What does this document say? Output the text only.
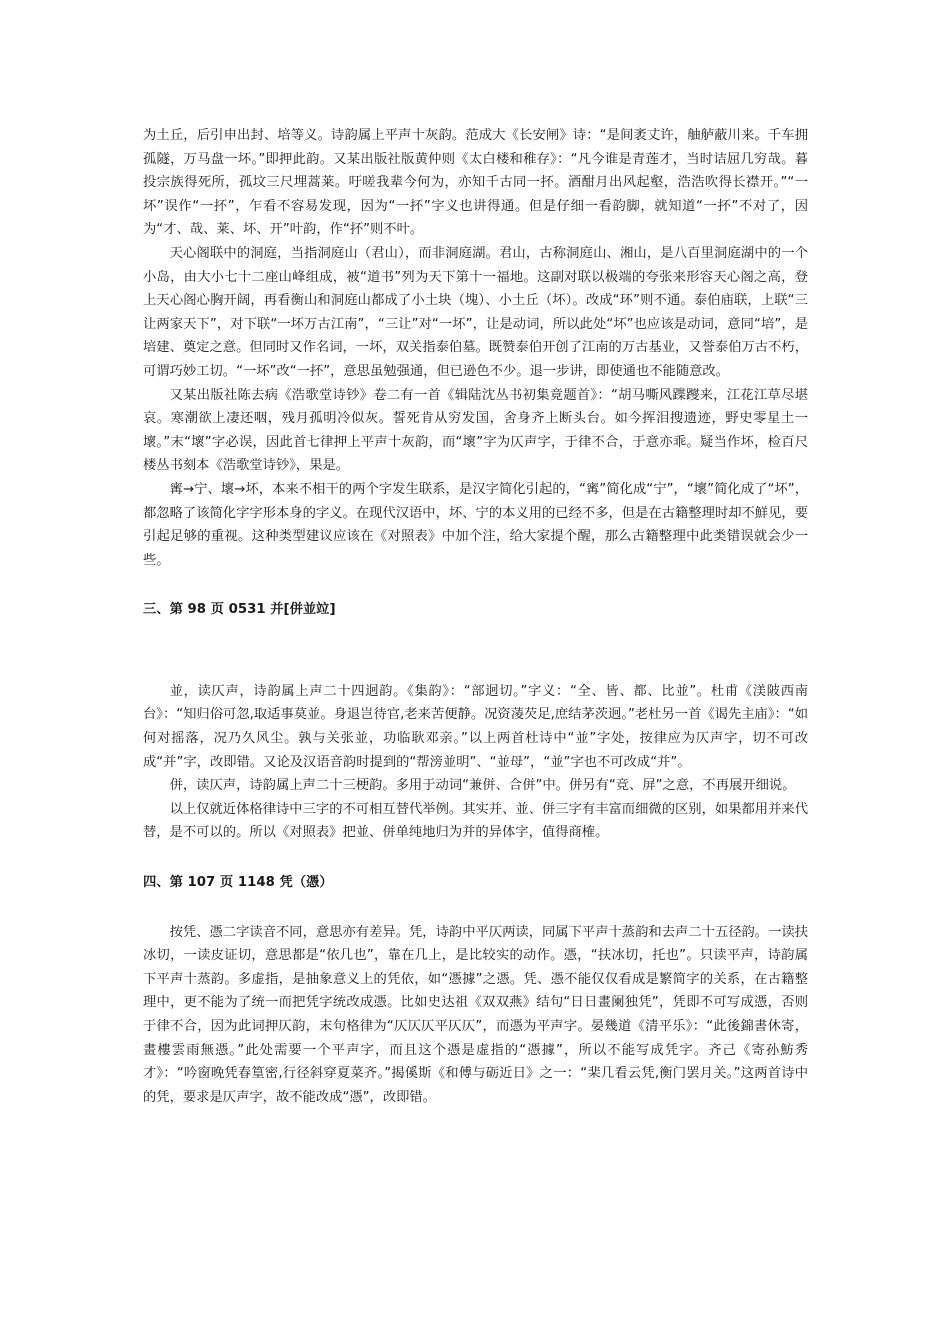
为土丘，后引申出封、培等义。诗韵属上平声十灰韵。范成大《长安闸》诗：“是间袤丈许，舳舻蔽川来。千车拥孤隧，万马盘一坏。”即押此韵。又某出版社版黄仲则《太白楼和稚存》：“凡今谁是青莲才，当时诘屈几穷哉。暮投宗族得死所，孤坟三尺埋蒿莱。吁嗟我辈今何为，亦知千古同一抔。酒酣月出风起壑，浩浩吹得长襟开。”“一坏”误作“一抔”，乍看不容易发现，因为“一抔”字义也讲得通。但是仔细一看韵脚，就知道“一抔”不对了，因为“才、哉、莱、坏、开”叶韵，作“抔”则不叶。

天心阁联中的洞庭，当指洞庭山（君山），而非洞庭湖。君山，古称洞庭山、湘山，是八百里洞庭湖中的一个小岛，由大小七十二座山峰组成，被“道书”列为天下第十一福地。这副对联以极端的夸张来形容天心阁之高，登上天心阁心胸开阔，再看衡山和洞庭山都成了小土块（塊）、小土丘（坏）。改成“环”则不通。泰伯庙联，上联“三让两家天下”，对下联“一坏万古江南”，“三让”对“一坏”，让是动词，所以此处“坏”也应该是动词，意同“培”，是培建、奠定之意。但同时又作名词，一坏，双关指泰伯墓。既赞泰伯开创了江南的万古基业，又誉泰伯万古不朽，可谓巧妙工切。“一坏”改“一抔”，意思虽勉强通，但已逊色不少。退一步讲，即使通也不能随意改。

又某出版社陈去病《浩歌堂诗钞》卷二有一首《辑陆沈丛书初集竟题首》：“胡马嘶风蹀躞来，江花江草尽堪哀。寒潮欲上凄还咽，残月孤明冷似灰。誓死肯从穷发国，舍身齐上断头台。如今挥泪搜遗迹，野史零星土一壞。”末“壞”字必误，因此首七律押上平声十灰韵，而“壞”字为仄声字，于律不合，于意亦乖。疑当作坏，检百尺楼丛书刻本《浩歌堂诗钞》，果是。

寗→宁、壞→坏，本来不相干的两个字发生联系，是汉字简化引起的，“寗”简化成“宁”，“壞”简化成了“坏”，都忽略了该简化字字形本身的字义。在现代汉语中，坏、宁的本义用的已经不多，但是在古籍整理时却不鮮见，要引起足够的重视。这种类型建议应该在《对照表》中加个注，给大家提个醒，那么古籍整理中此类错误就会少一些。

三、第 98 页 0531 并[併並竝]

並，读仄声，诗韵属上声二十四迥韵。《集韵》：“部迥切。”字义：“全、皆、都、比並”。杜甫《渼陂西南台》：“知归俗可忽,取适事莫並。身退岂待官,老来苦便静。况资蓤芡足,庶结茅茨迥。”老杜另一首《谒先主庙》：“如何对摇落，况乃久风尘。孰与关张並，功临耿邓亲。”以上两首杜诗中“並”字处，按律应为仄声字，切不可改成“并”字，改即错。又论及汉语音韵时提到的“帮滂並明”、“並母”，“並”字也不可改成“并”。

併，读仄声，诗韵属上声二十三梗韵。多用于动词“兼併、合併”中。併另有“竞、屏”之意，不再展开细说。

以上仅就近体格律诗中三字的不可相互替代举例。其实并、並、併三字有丰富而细微的区别，如果都用并来代替，是不可以的。所以《对照表》把並、併单纯地归为并的异体字，值得商榷。

四、第 107 页 1148 凭（憑）

按凭、憑二字读音不同，意思亦有差异。凭，诗韵中平仄两读，同属下平声十蒸韵和去声二十五径韵。一读扶冰切，一读皮证切，意思都是“依几也”，靠在几上，是比较实的动作。憑，“扶冰切，托也”。只读平声，诗韵属下平声十蒸韵。多虚指，是抽象意义上的凭依，如“憑據”之憑。凭、憑不能仅仅看成是繁简字的关系，在古籍整理中，更不能为了统一而把凭字统改成憑。比如史达祖《双双燕》结句“日日畫阑独凭”，凭即不可写成憑，否则于律不合，因为此词押仄韵，末句格律为“仄仄仄平仄仄”，而憑为平声字。晏幾道《清平乐》：“此後錦書休寄，畫樓雲雨無憑。”此处需要一个平声字，而且这个憑是虚指的“憑據”，所以不能写成凭字。齐己《寄孙魴秀才》：“吟窗晚凭春篁密,行径斜穿夏菜齐。”揭傒斯《和傅与砺近日》之一：“棐几看云凭,衡门罢月关。”这两首诗中的凭，要求是仄声字，故不能改成“憑”，改即错。
